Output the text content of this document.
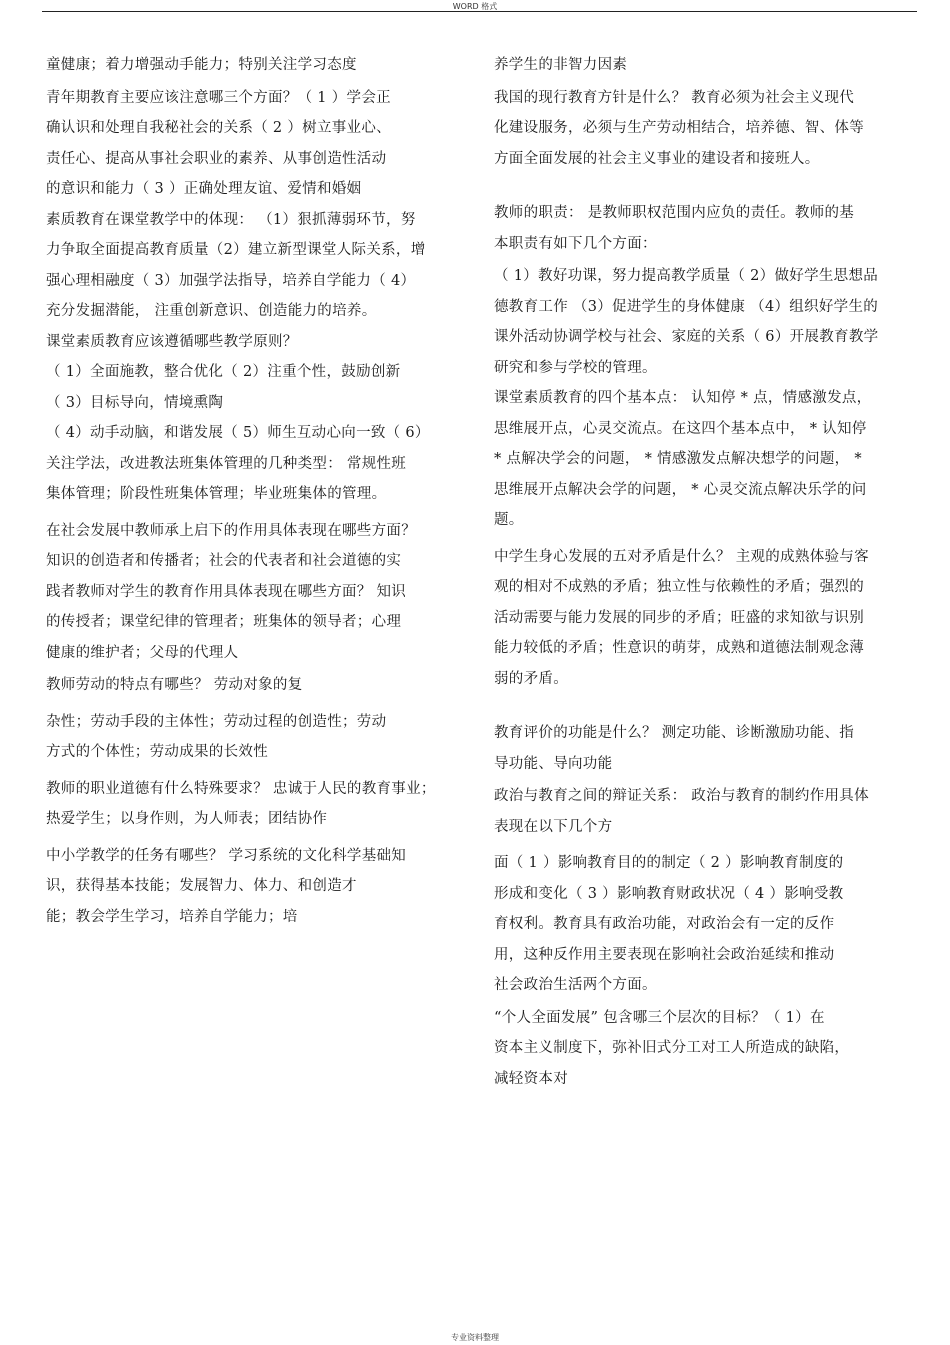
WORD 格式
童健康；着力增强动手能力；特别关注学习态度
青年期教育主要应该注意哪三个方面？（ 1 ）学会正
确认识和处理自我秘社会的关系（ 2 ）树立事业心、
责任心、提高从事社会职业的素养、从事创造性活动
的意识和能力（ 3 ）正确处理友谊、爱情和婚姻
素质教育在课堂教学中的体现： （1）狠抓薄弱环节，努
力争取全面提高教育质量（2）建立新型课堂人际关系，增
强心理相融度（ 3）加强学法指导，培养自学能力（ 4）
充分发掘潜能， 注重创新意识、创造能力的培养。
课堂素质教育应该遵循哪些教学原则？
（ 1）全面施教，整合优化（ 2）注重个性，鼓励创新
（ 3）目标导向，情境熏陶
（ 4）动手动脑，和谐发展（ 5）师生互动心向一致（ 6）
关注学法，改进教法班集体管理的几种类型： 常规性班
集体管理；阶段性班集体管理；毕业班集体的管理。
在社会发展中教师承上启下的作用具体表现在哪些方面？
知识的创造者和传播者；社会的代表者和社会道德的实
践者教师对学生的教育作用具体表现在哪些方面？ 知识
的传授者；课堂纪律的管理者；班集体的领导者；心理
健康的维护者；父母的代理人
教师劳动的特点有哪些？ 劳动对象的复
杂性；劳动手段的主体性；劳动过程的创造性；劳动
方式的个体性；劳动成果的长效性
教师的职业道德有什么特殊要求？ 忠诚于人民的教育事业；
热爱学生；以身作则，为人师表；团结协作
中小学教学的任务有哪些？ 学习系统的文化科学基础知
识，获得基本技能；发展智力、体力、和创造才
能；教会学生学习，培养自学能力；培
养学生的非智力因素
我国的现行教育方针是什么？ 教育必须为社会主义现代
化建设服务，必须与生产劳动相结合，培养德、智、体等
方面全面发展的社会主义事业的建设者和接班人。
教师的职责： 是教师职权范围内应负的责任。教师的基
本职责有如下几个方面：
（ 1）教好功课，努力提高教学质量（ 2）做好学生思想品
德教育工作 （3）促进学生的身体健康 （4）组织好学生的
课外活动协调学校与社会、家庭的关系（ 6）开展教育教学
研究和参与学校的管理。
课堂素质教育的四个基本点： 认知停 * 点，情感激发点，
思维展开点，心灵交流点。在这四个基本点中， * 认知停
* 点解决学会的问题， * 情感激发点解决想学的问题， *
思维展开点解决会学的问题， * 心灵交流点解决乐学的问
题。
中学生身心发展的五对矛盾是什么？ 主观的成熟体验与客
观的相对不成熟的矛盾；独立性与依赖性的矛盾；强烈的
活动需要与能力发展的同步的矛盾；旺盛的求知欲与识别
能力较低的矛盾；性意识的萌芽，成熟和道德法制观念薄
弱的矛盾。
教育评价的功能是什么？ 测定功能、诊断激励功能、指
导功能、导向功能
政治与教育之间的辩证关系： 政治与教育的制约作用具体
表现在以下几个方
面（ 1 ）影响教育目的的制定（ 2 ）影响教育制度的
形成和变化（ 3 ）影响教育财政状况（ 4 ）影响受教
育权利。教育具有政治功能，对政治会有一定的反作
用，这种反作用主要表现在影响社会政治延续和推动
社会政治生活两个方面。
“个人全面发展” 包含哪三个层次的目标？（ 1）在
资本主义制度下，弥补旧式分工对工人所造成的缺陷，
减轻资本对
专业资料整理
